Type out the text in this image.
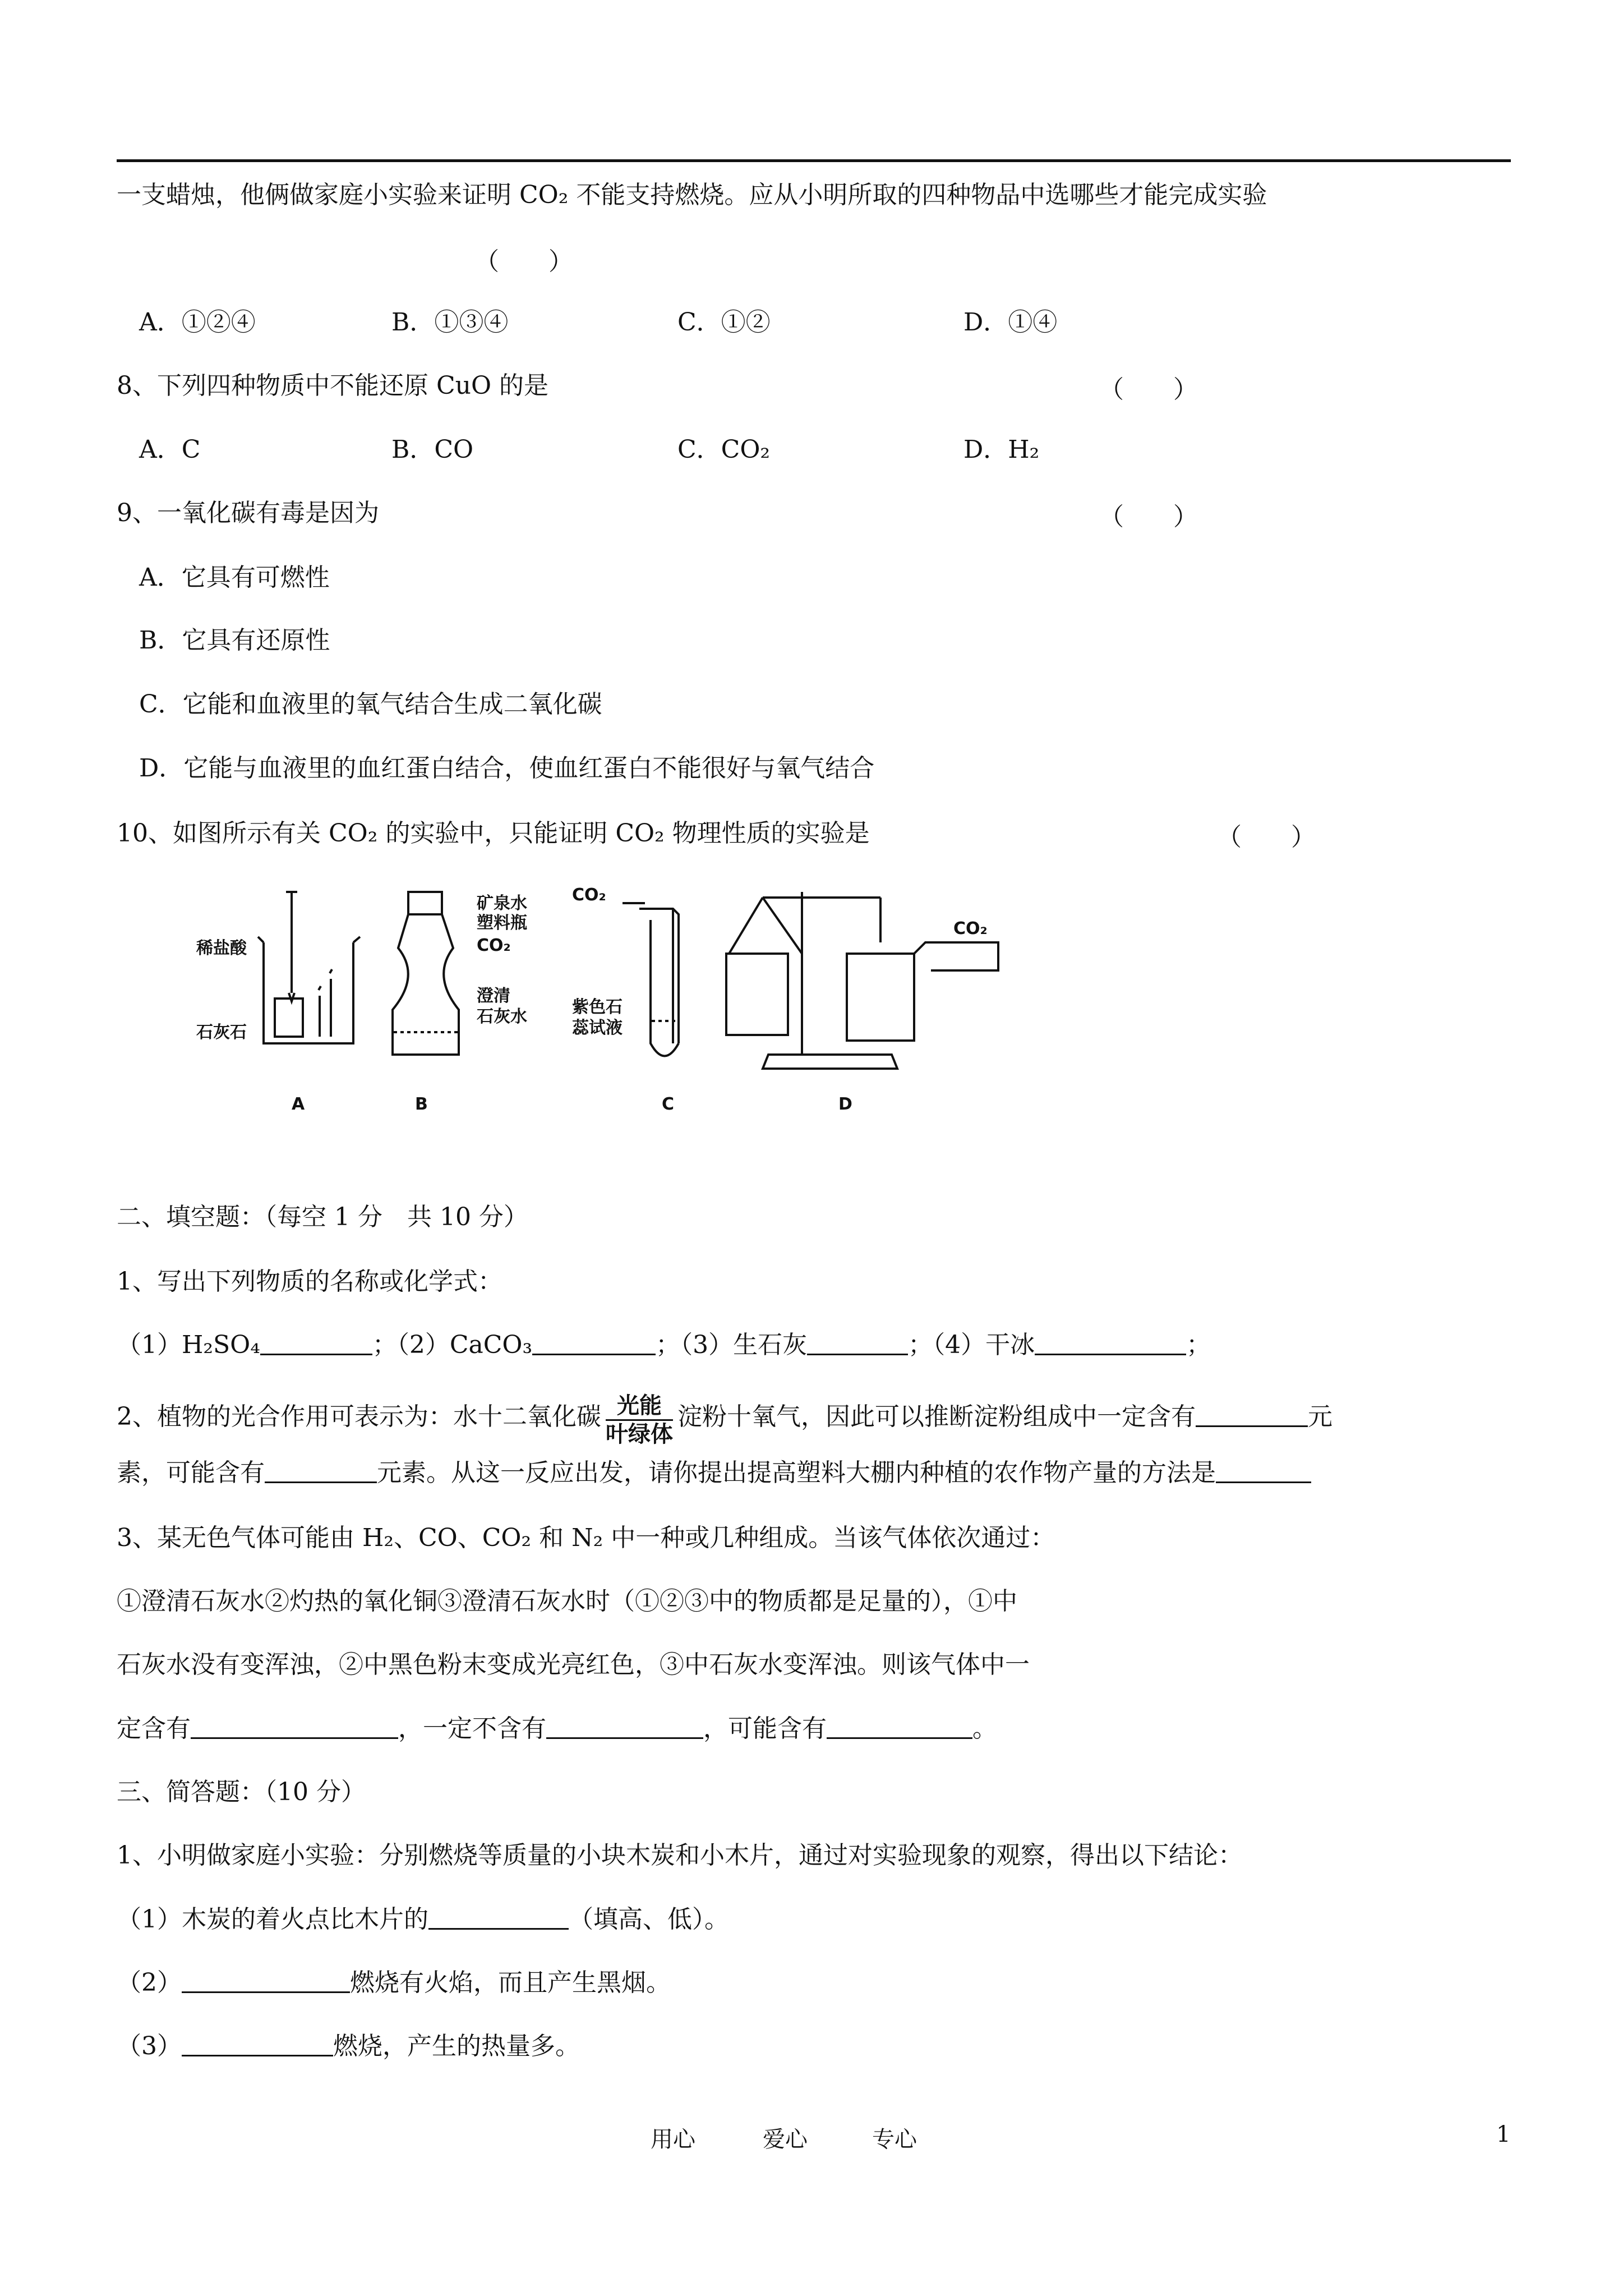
一支蜡烛，他俩做家庭小实验来证明 CO₂ 不能支持燃烧。应从小明所取的四种物品中选哪些才能完成实验
（　　）
A．①②④	B．①③④	C．①②	D．①④
8、下列四种物质中不能还原 CuO 的是	（　　）
A．C	B．CO	C．CO₂	D．H₂
9、一氧化碳有毒是因为	（　　）
A．它具有可燃性
B．它具有还原性
C．它能和血液里的氧气结合生成二氧化碳
D．它能与血液里的血红蛋白结合，使血红蛋白不能很好与氧气结合
10、如图所示有关 CO₂ 的实验中，只能证明 CO₂ 物理性质的实验是	（　　）
稀盐酸
石灰石
矿泉水
塑料瓶
CO₂
澄清
石灰水
CO₂
紫色石
蕊试液
CO₂
A	B	C	D
二、填空题：（每空 1 分　共 10 分）
1、写出下列物质的名称或化学式：
（1）H₂SO₄	；（2）CaCO₃	；（3）生石灰	；（4）干冰	；
2、植物的光合作用可表示为：水十二氧化碳 光能
叶绿体
淀粉十氧气，因此可以推断淀粉组成中一定含有	元
素，可能含有	元素。从这一反应出发，请你提出提高塑料大棚内种植的农作物产量的方法是
3、某无色气体可能由 H₂、CO、CO₂ 和 N₂ 中一种或几种组成。当该气体依次通过：
①澄清石灰水②灼热的氧化铜③澄清石灰水时（①②③中的物质都是足量的），①中
石灰水没有变浑浊，②中黑色粉末变成光亮红色，③中石灰水变浑浊。则该气体中一
定含有	，一定不含有	，可能含有	。
三、简答题：（10 分）
1、小明做家庭小实验：分别燃烧等质量的小块木炭和小木片，通过对实验现象的观察，得出以下结论：
（1）木炭的着火点比木片的	（填高、低）。
（2）	燃烧有火焰，而且产生黑烟。
（3）	燃烧，产生的热量多。
用心	爱心	专心	1
